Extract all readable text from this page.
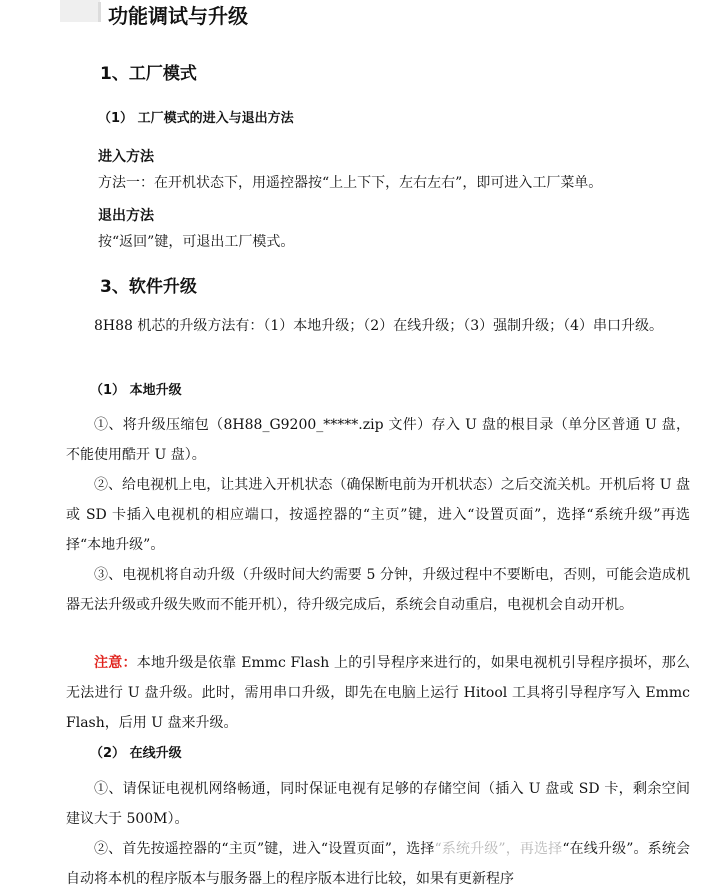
功能调试与升级
1、工厂模式
（1） 工厂模式的进入与退出方法
进入方法
方法一：在开机状态下，用遥控器按“上上下下，左右左右”，即可进入工厂菜单。
退出方法
按“返回”键，可退出工厂模式。
3、软件升级

8H88 机芯的升级方法有：（1）本地升级；（2）在线升级；（3）强制升级；（4）串口升级。

（1） 本地升级

①、将升级压缩包（8H88_G9200_*****.zip 文件）存入 U 盘的根目录（单分区普通 U 盘，不能使用酷开 U 盘）。

②、给电视机上电，让其进入开机状态（确保断电前为开机状态）之后交流关机。开机后将 U 盘或 SD 卡插入电视机的相应端口，按遥控器的“主页”键，进入“设置页面”，选择“系统升级”再选择“本地升级”。

③、电视机将自动升级（升级时间大约需要 5 分钟，升级过程中不要断电，否则，可能会造成机器无法升级或升级失败而不能开机），待升级完成后，系统会自动重启，电视机会自动开机。

注意：本地升级是依靠 Emmc Flash 上的引导程序来进行的，如果电视机引导程序损坏，那么无法进行 U 盘升级。此时，需用串口升级，即先在电脑上运行 Hitool 工具将引导程序写入 Emmc Flash，后用 U 盘来升级。

（2） 在线升级

①、请保证电视机网络畅通，同时保证电视有足够的存储空间（插入 U 盘或 SD 卡，剩余空间建议大于 500M）。

②、首先按遥控器的“主页”键，进入“设置页面”，选择“系统升级”，再选择“在线升级”。系统会自动将本机的程序版本与服务器上的程序版本进行比较，如果有更新程序
